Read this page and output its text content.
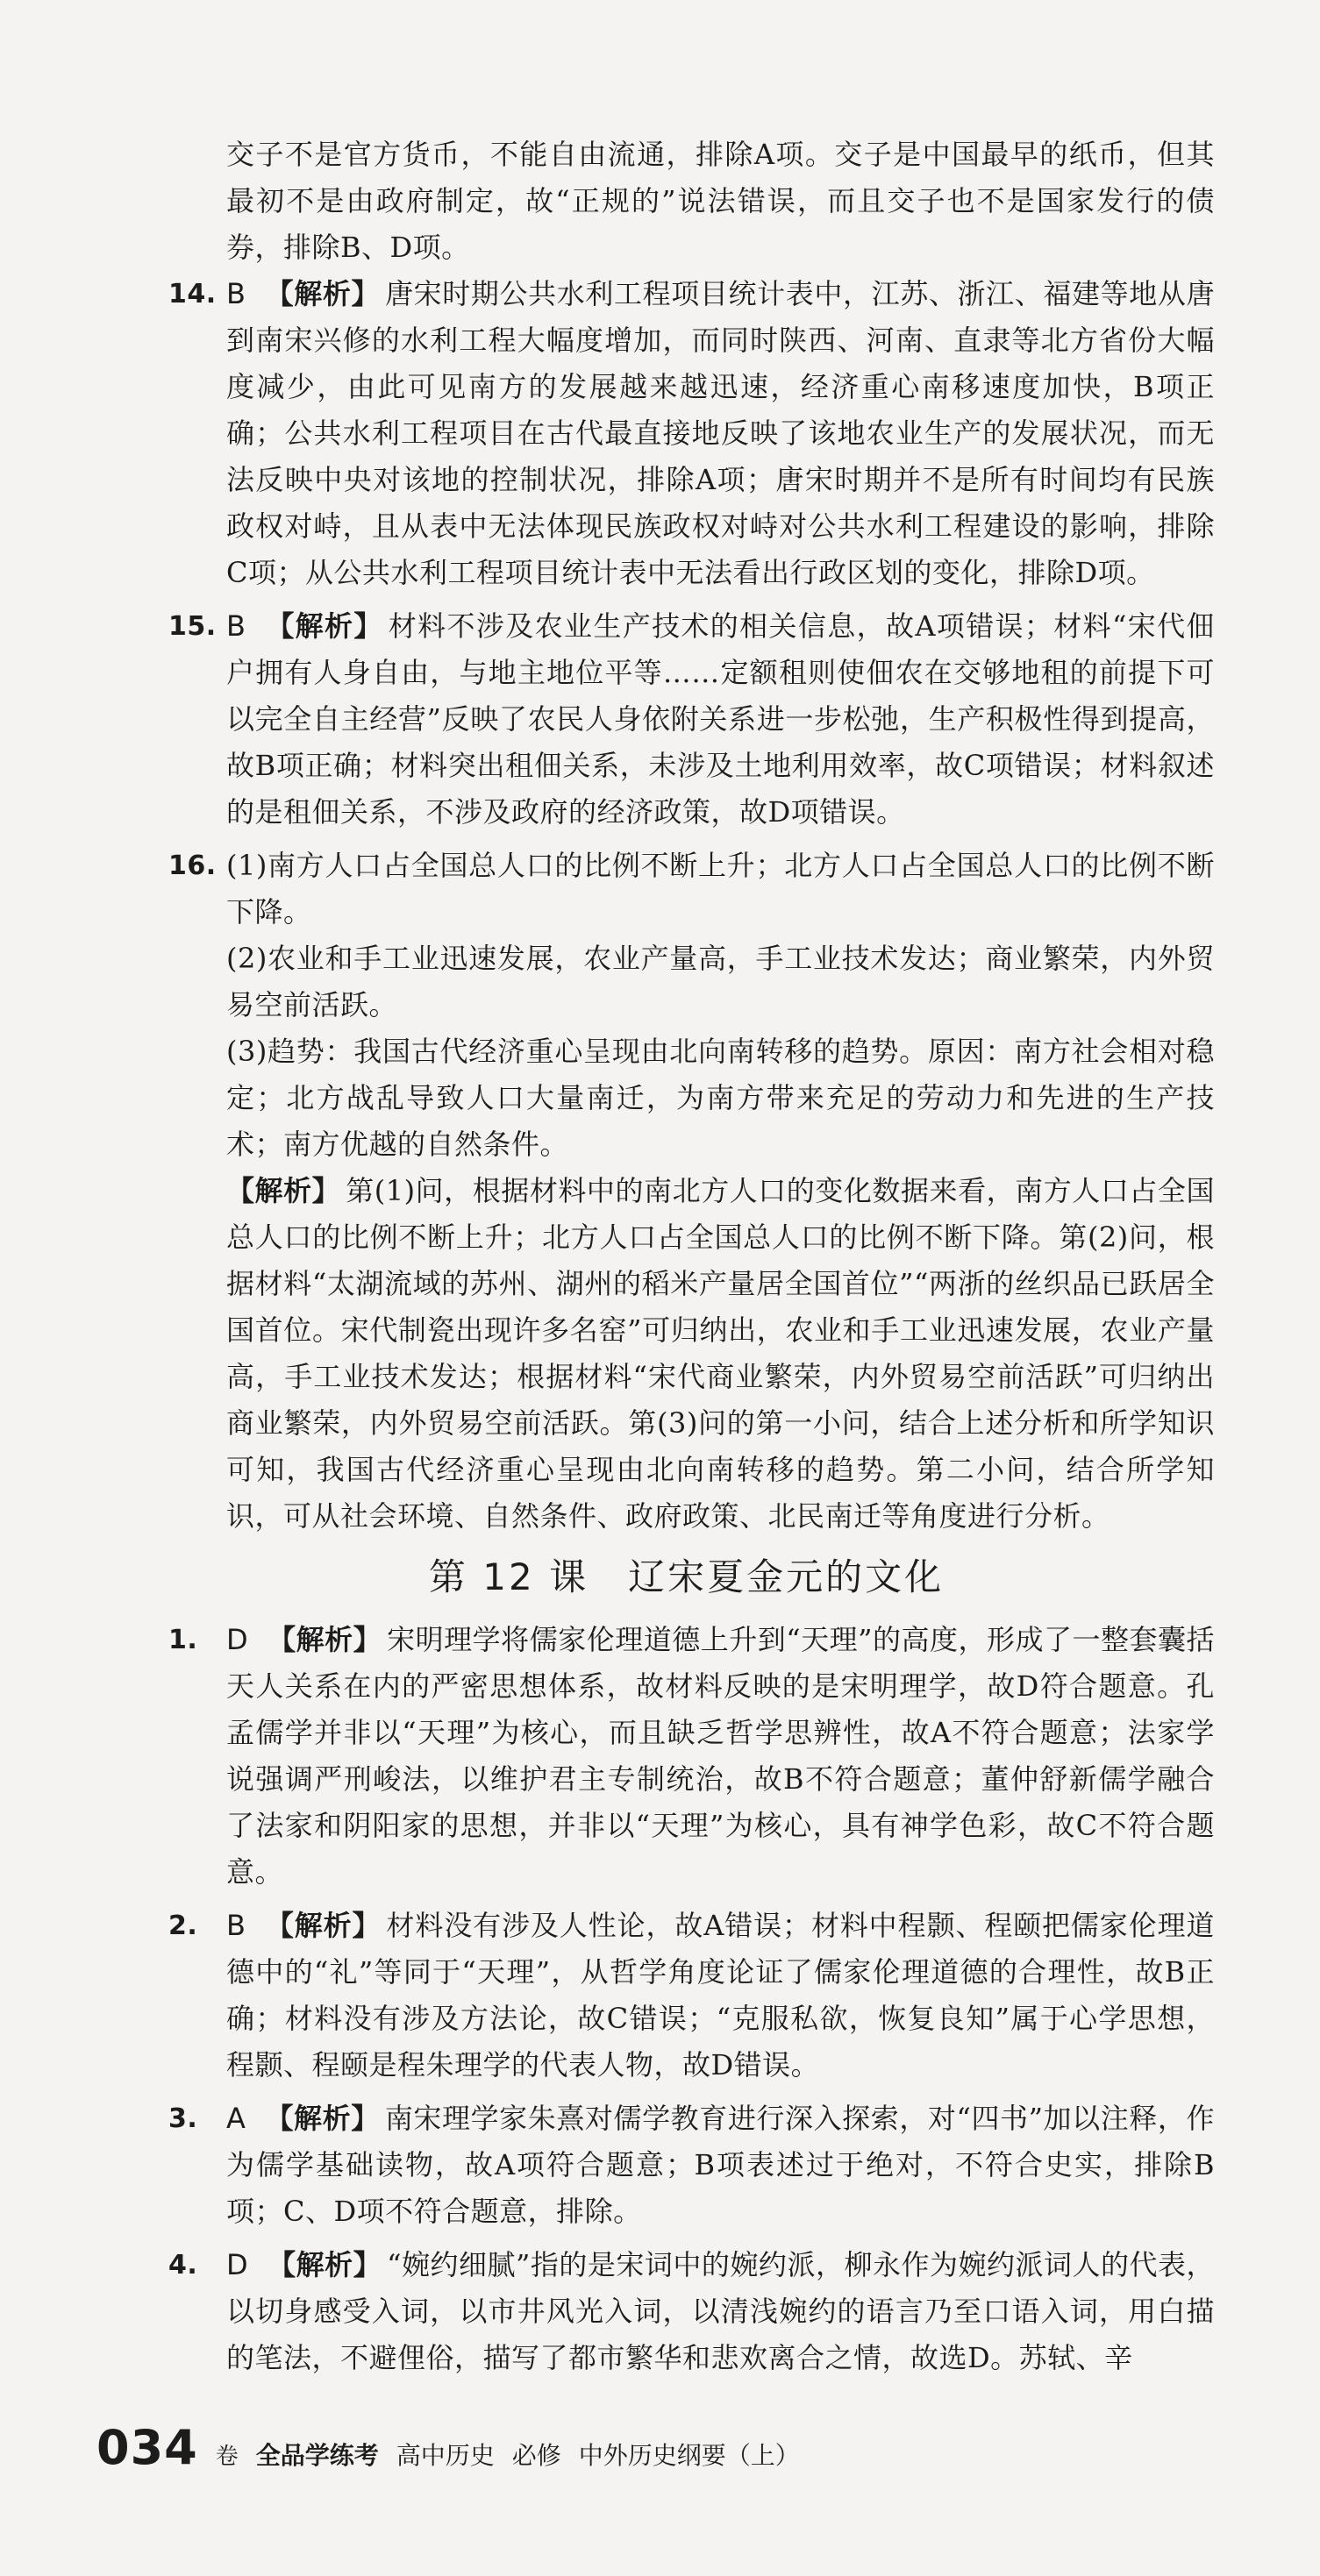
交子不是官方货币，不能自由流通，排除A项。交子是中国最早的纸币，但其最初不是由政府制定，故“正规的”说法错误，而且交子也不是国家发行的债券，排除B、D项。

14. B 【解析】 唐宋时期公共水利工程项目统计表中，江苏、浙江、福建等地从唐到南宋兴修的水利工程大幅度增加，而同时陕西、河南、直隶等北方省份大幅度减少，由此可见南方的发展越来越迅速，经济重心南移速度加快，B项正确；公共水利工程项目在古代最直接地反映了该地农业生产的发展状况，而无法反映中央对该地的控制状况，排除A项；唐宋时期并不是所有时间均有民族政权对峙，且从表中无法体现民族政权对峙对公共水利工程建设的影响，排除C项；从公共水利工程项目统计表中无法看出行政区划的变化，排除D项。

15. B 【解析】 材料不涉及农业生产技术的相关信息，故A项错误；材料“宋代佃户拥有人身自由，与地主地位平等……定额租则使佃农在交够地租的前提下可以完全自主经营”反映了农民人身依附关系进一步松弛，生产积极性得到提高，故B项正确；材料突出租佃关系，未涉及土地利用效率，故C项错误；材料叙述的是租佃关系，不涉及政府的经济政策，故D项错误。

16. (1)南方人口占全国总人口的比例不断上升；北方人口占全国总人口的比例不断下降。

(2)农业和手工业迅速发展，农业产量高，手工业技术发达；商业繁荣，内外贸易空前活跃。

(3)趋势：我国古代经济重心呈现由北向南转移的趋势。原因：南方社会相对稳定；北方战乱导致人口大量南迁，为南方带来充足的劳动力和先进的生产技术；南方优越的自然条件。

【解析】 第(1)问，根据材料中的南北方人口的变化数据来看，南方人口占全国总人口的比例不断上升；北方人口占全国总人口的比例不断下降。第(2)问，根据材料“太湖流域的苏州、湖州的稻米产量居全国首位”“两浙的丝织品已跃居全国首位。宋代制瓷出现许多名窑”可归纳出，农业和手工业迅速发展，农业产量高，手工业技术发达；根据材料“宋代商业繁荣，内外贸易空前活跃”可归纳出商业繁荣，内外贸易空前活跃。第(3)问的第一小问，结合上述分析和所学知识可知，我国古代经济重心呈现由北向南转移的趋势。第二小问，结合所学知识，可从社会环境、自然条件、政府政策、北民南迁等角度进行分析。

第 12 课　辽宋夏金元的文化
1. D 【解析】 宋明理学将儒家伦理道德上升到“天理”的高度，形成了一整套囊括天人关系在内的严密思想体系，故材料反映的是宋明理学，故D符合题意。孔孟儒学并非以“天理”为核心，而且缺乏哲学思辨性，故A不符合题意；法家学说强调严刑峻法，以维护君主专制统治，故B不符合题意；董仲舒新儒学融合了法家和阴阳家的思想，并非以“天理”为核心，具有神学色彩，故C不符合题意。

2. B 【解析】 材料没有涉及人性论，故A错误；材料中程颢、程颐把儒家伦理道德中的“礼”等同于“天理”，从哲学角度论证了儒家伦理道德的合理性，故B正确；材料没有涉及方法论，故C错误；“克服私欲，恢复良知”属于心学思想，程颢、程颐是程朱理学的代表人物，故D错误。

3. A 【解析】 南宋理学家朱熹对儒学教育进行深入探索，对“四书”加以注释，作为儒学基础读物，故A项符合题意；B项表述过于绝对，不符合史实，排除B项；C、D项不符合题意，排除。

4. D 【解析】 “婉约细腻”指的是宋词中的婉约派，柳永作为婉约派词人的代表，以切身感受入词，以市井风光入词，以清浅婉约的语言乃至口语入词，用白描的笔法，不避俚俗，描写了都市繁华和悲欢离合之情，故选D。苏轼、辛

034 卷 全品学练考 高中历史 必修 中外历史纲要（上）
